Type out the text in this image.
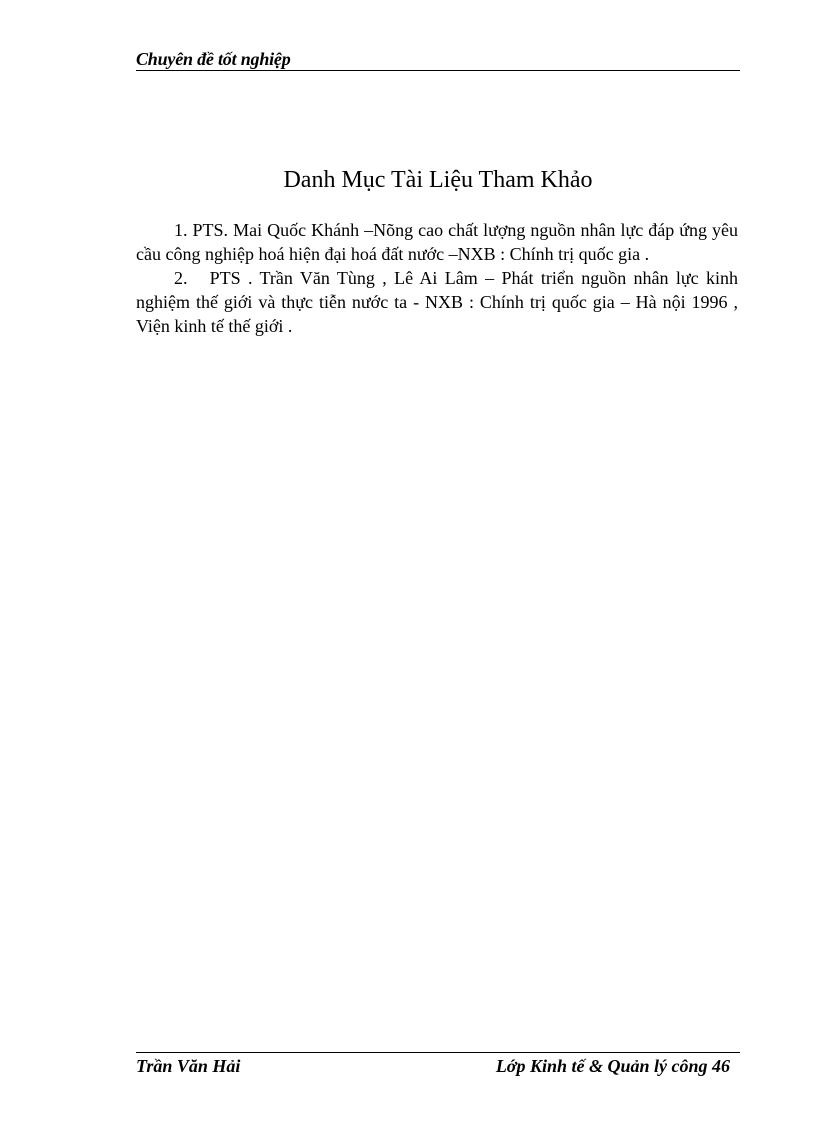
Chuyên đề tốt nghiệp
Danh Mục Tài Liệu Tham Khảo

1. PTS. Mai Quốc Khánh –Nõng cao chất lượng nguồn nhân lực đáp ứng yêu cầu công nghiệp hoá hiện đại hoá đất nước –NXB : Chính trị quốc gia .

2. PTS . Trần Văn Tùng , Lê Ai Lâm – Phát triển nguồn nhân lực kinh nghiệm thế giới và thực tiễn nước ta - NXB : Chính trị quốc gia – Hà nội 1996 , Viện kinh tế thế giới .

Trần Văn Hải	Lớp Kinh tế & Quản lý công 46
